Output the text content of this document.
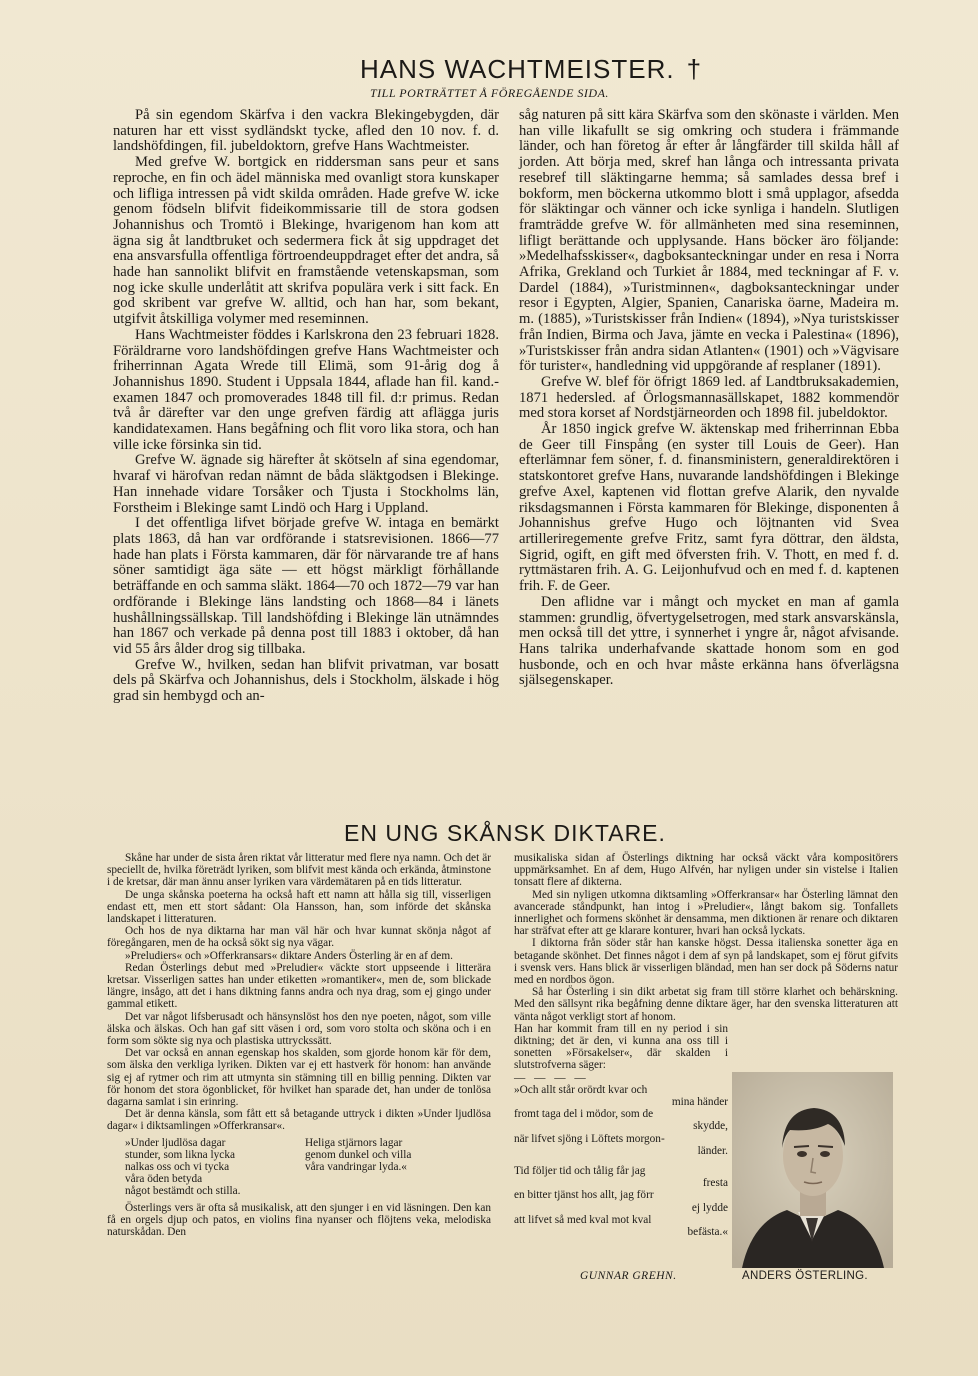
HANS WACHTMEISTER. †
TILL PORTRÄTTET Å FÖREGÅENDE SIDA.

På sin egendom Skärfva i den vackra Blekingebygden, där naturen har ett visst sydländskt tycke, afled den 10 nov. f. d. landshöfdingen, fil. jubeldoktorn, grefve Hans Wachtmeister.

Med grefve W. bortgick en riddersman sans peur et sans reproche, en fin och ädel människa med ovanligt stora kunskaper och lifliga intressen på vidt skilda områden. Hade grefve W. icke genom födseln blifvit fideikommissarie till de stora godsen Johannishus och Tromtö i Blekinge, hvarigenom han kom att ägna sig åt landtbruket och sedermera fick åt sig uppdraget det ena ansvarsfulla offentliga förtroendeuppdraget efter det andra, så hade han sannolikt blifvit en framstående vetenskapsman, som nog icke skulle underlåtit att skrifva populära verk i sitt fack. En god skribent var grefve W. alltid, och han har, som bekant, utgifvit åtskilliga volymer med reseminnen.

Hans Wachtmeister föddes i Karlskrona den 23 februari 1828. Föräldrarne voro landshöfdingen grefve Hans Wachtmeister och friherrinnan Agata Wrede till Elimä, som 91-årig dog å Johannishus 1890. Student i Uppsala 1844, aflade han fil. kand.-examen 1847 och promoverades 1848 till fil. d:r primus. Redan två år därefter var den unge grefven färdig att aflägga juris kandidatexamen. Hans begåfning och flit voro lika stora, och han ville icke försinka sin tid.

Grefve W. ägnade sig härefter åt skötseln af sina egendomar, hvaraf vi härofvan redan nämnt de båda släktgodsen i Blekinge. Han innehade vidare Torsåker och Tjusta i Stockholms län, Forstheim i Blekinge samt Lindö och Harg i Uppland.

I det offentliga lifvet började grefve W. intaga en bemärkt plats 1863, då han var ordförande i statsrevisionen. 1866—77 hade han plats i Första kammaren, där för närvarande tre af hans söner samtidigt äga säte — ett högst märkligt förhållande beträffande en och samma släkt. 1864—70 och 1872—79 var han ordförande i Blekinge läns landsting och 1868—84 i länets hushållningssällskap. Till landshöfding i Blekinge län utnämndes han 1867 och verkade på denna post till 1883 i oktober, då han vid 55 års ålder drog sig tillbaka.

Grefve W., hvilken, sedan han blifvit privatman, var bosatt dels på Skärfva och Johannishus, dels i Stockholm, älskade i hög grad sin hembygd och an-

såg naturen på sitt kära Skärfva som den skönaste i världen. Men han ville likafullt se sig omkring och studera i främmande länder, och han företog år efter år långfärder till skilda håll af jorden. Att börja med, skref han långa och intressanta privata resebref till släktingarne hemma; så samlades dessa bref i bokform, men böckerna utkommo blott i små upplagor, afsedda för släktingar och vänner och icke synliga i handeln. Slutligen framträdde grefve W. för allmänheten med sina reseminnen, lifligt berättande och upplysande. Hans böcker äro följande: »Medelhafsskisser«, dagboksanteckningar under en resa i Norra Afrika, Grekland och Turkiet år 1884, med teckningar af F. v. Dardel (1884), »Turistminnen«, dagboksanteckningar under resor i Egypten, Algier, Spanien, Canariska öarne, Madeira m. m. (1885), »Turistskisser från Indien« (1894), »Nya turistskisser från Indien, Birma och Java, jämte en vecka i Palestina« (1896), »Turistskisser från andra sidan Atlanten« (1901) och »Vägvisare för turister«, handledning vid uppgörande af resplaner (1891).

Grefve W. blef för öfrigt 1869 led. af Landtbruksakademien, 1871 hedersled. af Örlogsmannasällskapet, 1882 kommendör med stora korset af Nordstjärneorden och 1898 fil. jubeldoktor.

År 1850 ingick grefve W. äktenskap med friherrinnan Ebba de Geer till Finspång (en syster till Louis de Geer). Han efterlämnar fem söner, f. d. finansministern, generaldirektören i statskontoret grefve Hans, nuvarande landshöfdingen i Blekinge grefve Axel, kaptenen vid flottan grefve Alarik, den nyvalde riksdagsmannen i Första kammaren för Blekinge, disponenten å Johannishus grefve Hugo och löjtnanten vid Svea artilleriregemente grefve Fritz, samt fyra döttrar, den äldsta, Sigrid, ogift, en gift med öfversten frih. V. Thott, en med f. d. ryttmästaren frih. A. G. Leijonhufvud och en med f. d. kaptenen frih. F. de Geer.

Den aflidne var i mångt och mycket en man af gamla stammen: grundlig, öfvertygelsetrogen, med stark ansvarskänsla, men också till det yttre, i synnerhet i yngre år, något afvisande. Hans talrika underhafvande skattade honom som en god husbonde, och en och hvar måste erkänna hans öfverlägsna själsegenskaper.

EN UNG SKÅNSK DIKTARE.

Skåne har under de sista åren riktat vår litteratur med flere nya namn. Och det är speciellt de, hvilka företrädt lyriken, som blifvit mest kända och erkända, åtminstone i de kretsar, där man ännu anser lyriken vara värdemätaren på en tids litteratur.

De unga skånska poeterna ha också haft ett namn att hålla sig till, visserligen endast ett, men ett stort sådant: Ola Hansson, han, som införde det skånska landskapet i litteraturen.

Och hos de nya diktarna har man väl här och hvar kunnat skönja något af föregångaren, men de ha också sökt sig nya vägar.

»Preludiers« och »Offerkransars« diktare Anders Österling är en af dem.

Redan Österlings debut med »Preludier« väckte stort uppseende i litterära kretsar. Visserligen sattes han under etiketten »romantiker«, men de, som blickade längre, insågo, att det i hans diktning fanns andra och nya drag, som ej gingo under gammal etikett.

Det var något lifsberusadt och hänsynslöst hos den nye poeten, något, som ville älska och älskas. Och han gaf sitt väsen i ord, som voro stolta och sköna och i en form som sökte sig nya och plastiska uttryckssätt.

Det var också en annan egenskap hos skalden, som gjorde honom kär för dem, som älska den verkliga lyriken. Dikten var ej ett hastverk för honom: han använde sig ej af rytmer och rim att utmynta sin stämning till en billig penning. Dikten var för honom det stora ögonblicket, för hvilket han sparade det, han under de tonlösa dagarna samlat i sin erinring.

Det är denna känsla, som fått ett så betagande uttryck i dikten »Under ljudlösa dagar« i diktsamlingen »Offerkransar«.

»Under ljudlösa dagar
stunder, som likna lycka
nalkas oss och vi tycka
våra öden betyda
något bestämdt och stilla.
Heliga stjärnors lagar
genom dunkel och villa
våra vandringar lyda.«

Österlings vers är ofta så musikalisk, att den sjunger i en vid läsningen. Den kan få en orgels djup och patos, en violins fina nyanser och flöjtens veka, melodiska naturskådan. Den

musikaliska sidan af Österlings diktning har också väckt våra kompositörers uppmärksamhet. En af dem, Hugo Alfvén, har nyligen under sin vistelse i Italien tonsatt flere af dikterna.

Med sin nyligen utkomna diktsamling »Offerkransar« har Österling lämnat den avancerade ståndpunkt, han intog i »Preludier«, långt bakom sig. Tonfallets innerlighet och formens skönhet är densamma, men diktionen är renare och diktaren har sträfvat efter att ge klarare konturer, hvari han också lyckats.

I diktorna från söder står han kanske högst. Dessa italienska sonetter äga en betagande skönhet. Det finnes något i dem af syn på landskapet, som ej förut gifvits i svensk vers. Hans blick är visserligen bländad, men han ser dock på Söderns natur med en nordbos ögon.

Så har Österling i sin dikt arbetat sig fram till större klarhet och behärskning. Med den sällsynt rika begåfning denne diktare äger, har den svenska litteraturen att vänta något verkligt stort af honom.

Han har kommit fram till en ny period i sin diktning; det är den, vi kunna ana oss till i sonetten »Försakelser«, där skalden i slutstrofverna säger:

— — — —
»Och allt står orördt kvar och
mina händer
fromt taga del i mödor, som de
skydde,
när lifvet sjöng i Löftets morgon-
länder.
Tid följer tid och tålig får jag
fresta
en bitter tjänst hos allt, jag förr
ej lydde
att lifvet så med kval mot kval
befästa.«
GUNNAR GREHN.	ANDERS ÖSTERLING.
